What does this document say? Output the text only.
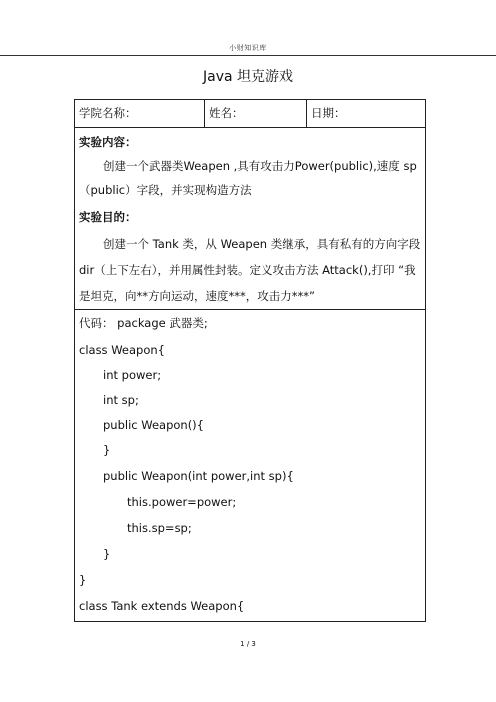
小财知识库
Java 坦克游戏
学院名称：	姓名：	日期：
实验内容：
创建一个武器类Weapen ,具有攻击力Power(public),速度 sp
（public）字段，并实现构造方法
实验目的：
创建一个 Tank 类，从 Weapen 类继承，具有私有的方向字段
dir（上下左右），并用属性封装。定义攻击方法 Attack(),打印 “我
是坦克，向**方向运动，速度***，攻击力***”
代码： package 武器类;
class Weapon{
int power;
int sp;
public Weapon(){
}
public Weapon(int power,int sp){
this.power=power;
this.sp=sp;
}
}
class Tank extends Weapon{
1 / 3
